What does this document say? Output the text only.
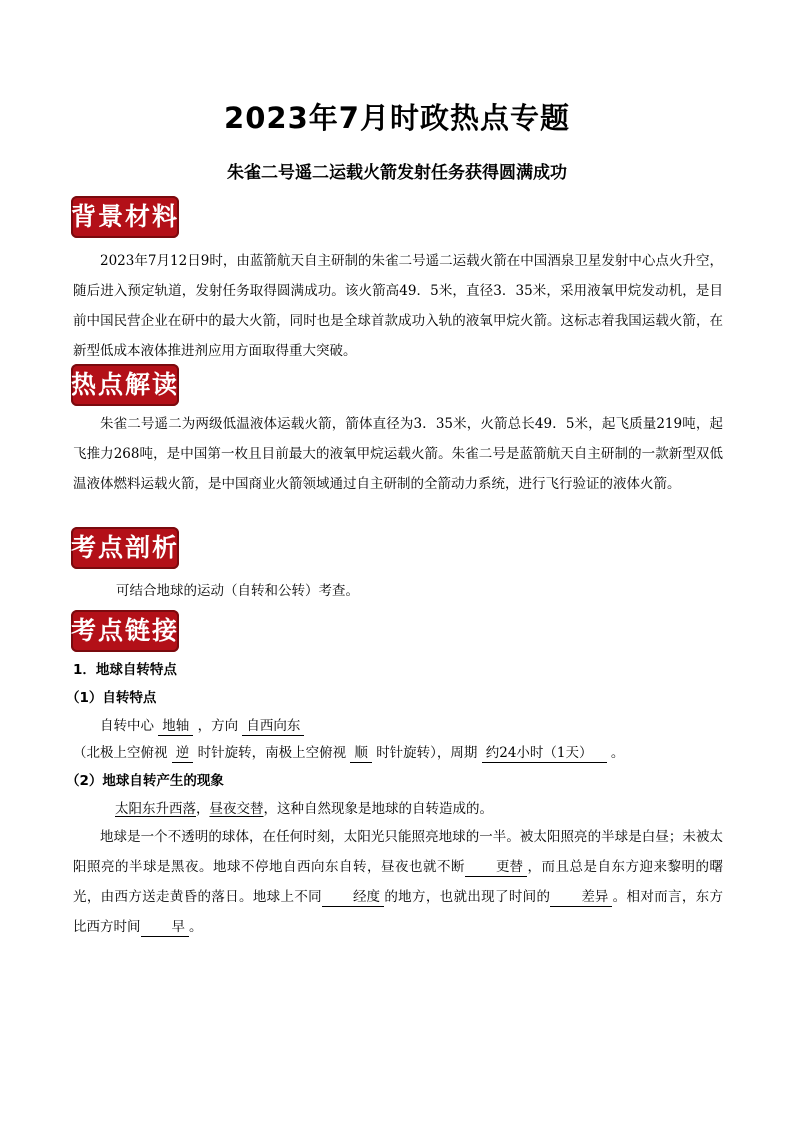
2023年7月时政热点专题
朱雀二号遥二运载火箭发射任务获得圆满成功
背景材料
2023年7月12日9时，由蓝箭航天自主研制的朱雀二号遥二运载火箭在中国酒泉卫星发射中心点火升空，随后进入预定轨道，发射任务取得圆满成功。该火箭高49．5米，直径3．35米，采用液氧甲烷发动机，是目前中国民营企业在研中的最大火箭，同时也是全球首款成功入轨的液氧甲烷火箭。这标志着我国运载火箭，在新型低成本液体推进剂应用方面取得重大突破。
热点解读
朱雀二号遥二为两级低温液体运载火箭，箭体直径为3．35米，火箭总长49．5米，起飞质量219吨，起飞推力268吨，是中国第一枚且目前最大的液氧甲烷运载火箭。朱雀二号是蓝箭航天自主研制的一款新型双低温液体燃料运载火箭，是中国商业火箭领域通过自主研制的全箭动力系统，进行飞行验证的液体火箭。
考点剖析
可结合地球的运动（自转和公转）考查。
考点链接
1．地球自转特点
（1）自转特点
自转中心 地轴 ，方向 自西向东
（北极上空俯视 逆 时针旋转，南极上空俯视 顺 时针旋转），周期 约24小时（1天） 。
（2）地球自转产生的现象
太阳东升西落，昼夜交替，这种自然现象是地球的自转造成的。
地球是一个不透明的球体，在任何时刻，太阳光只能照亮地球的一半。被太阳照亮的半球是白昼；未被太阳照亮的半球是黑夜。地球不停地自西向东自转，昼夜也就不断 更替 ，而且总是自东方迎来黎明的曙光，由西方送走黄昏的落日。地球上不同 经度 的地方，也就出现了时间的 差异 。相对而言，东方比西方时间 早 。
